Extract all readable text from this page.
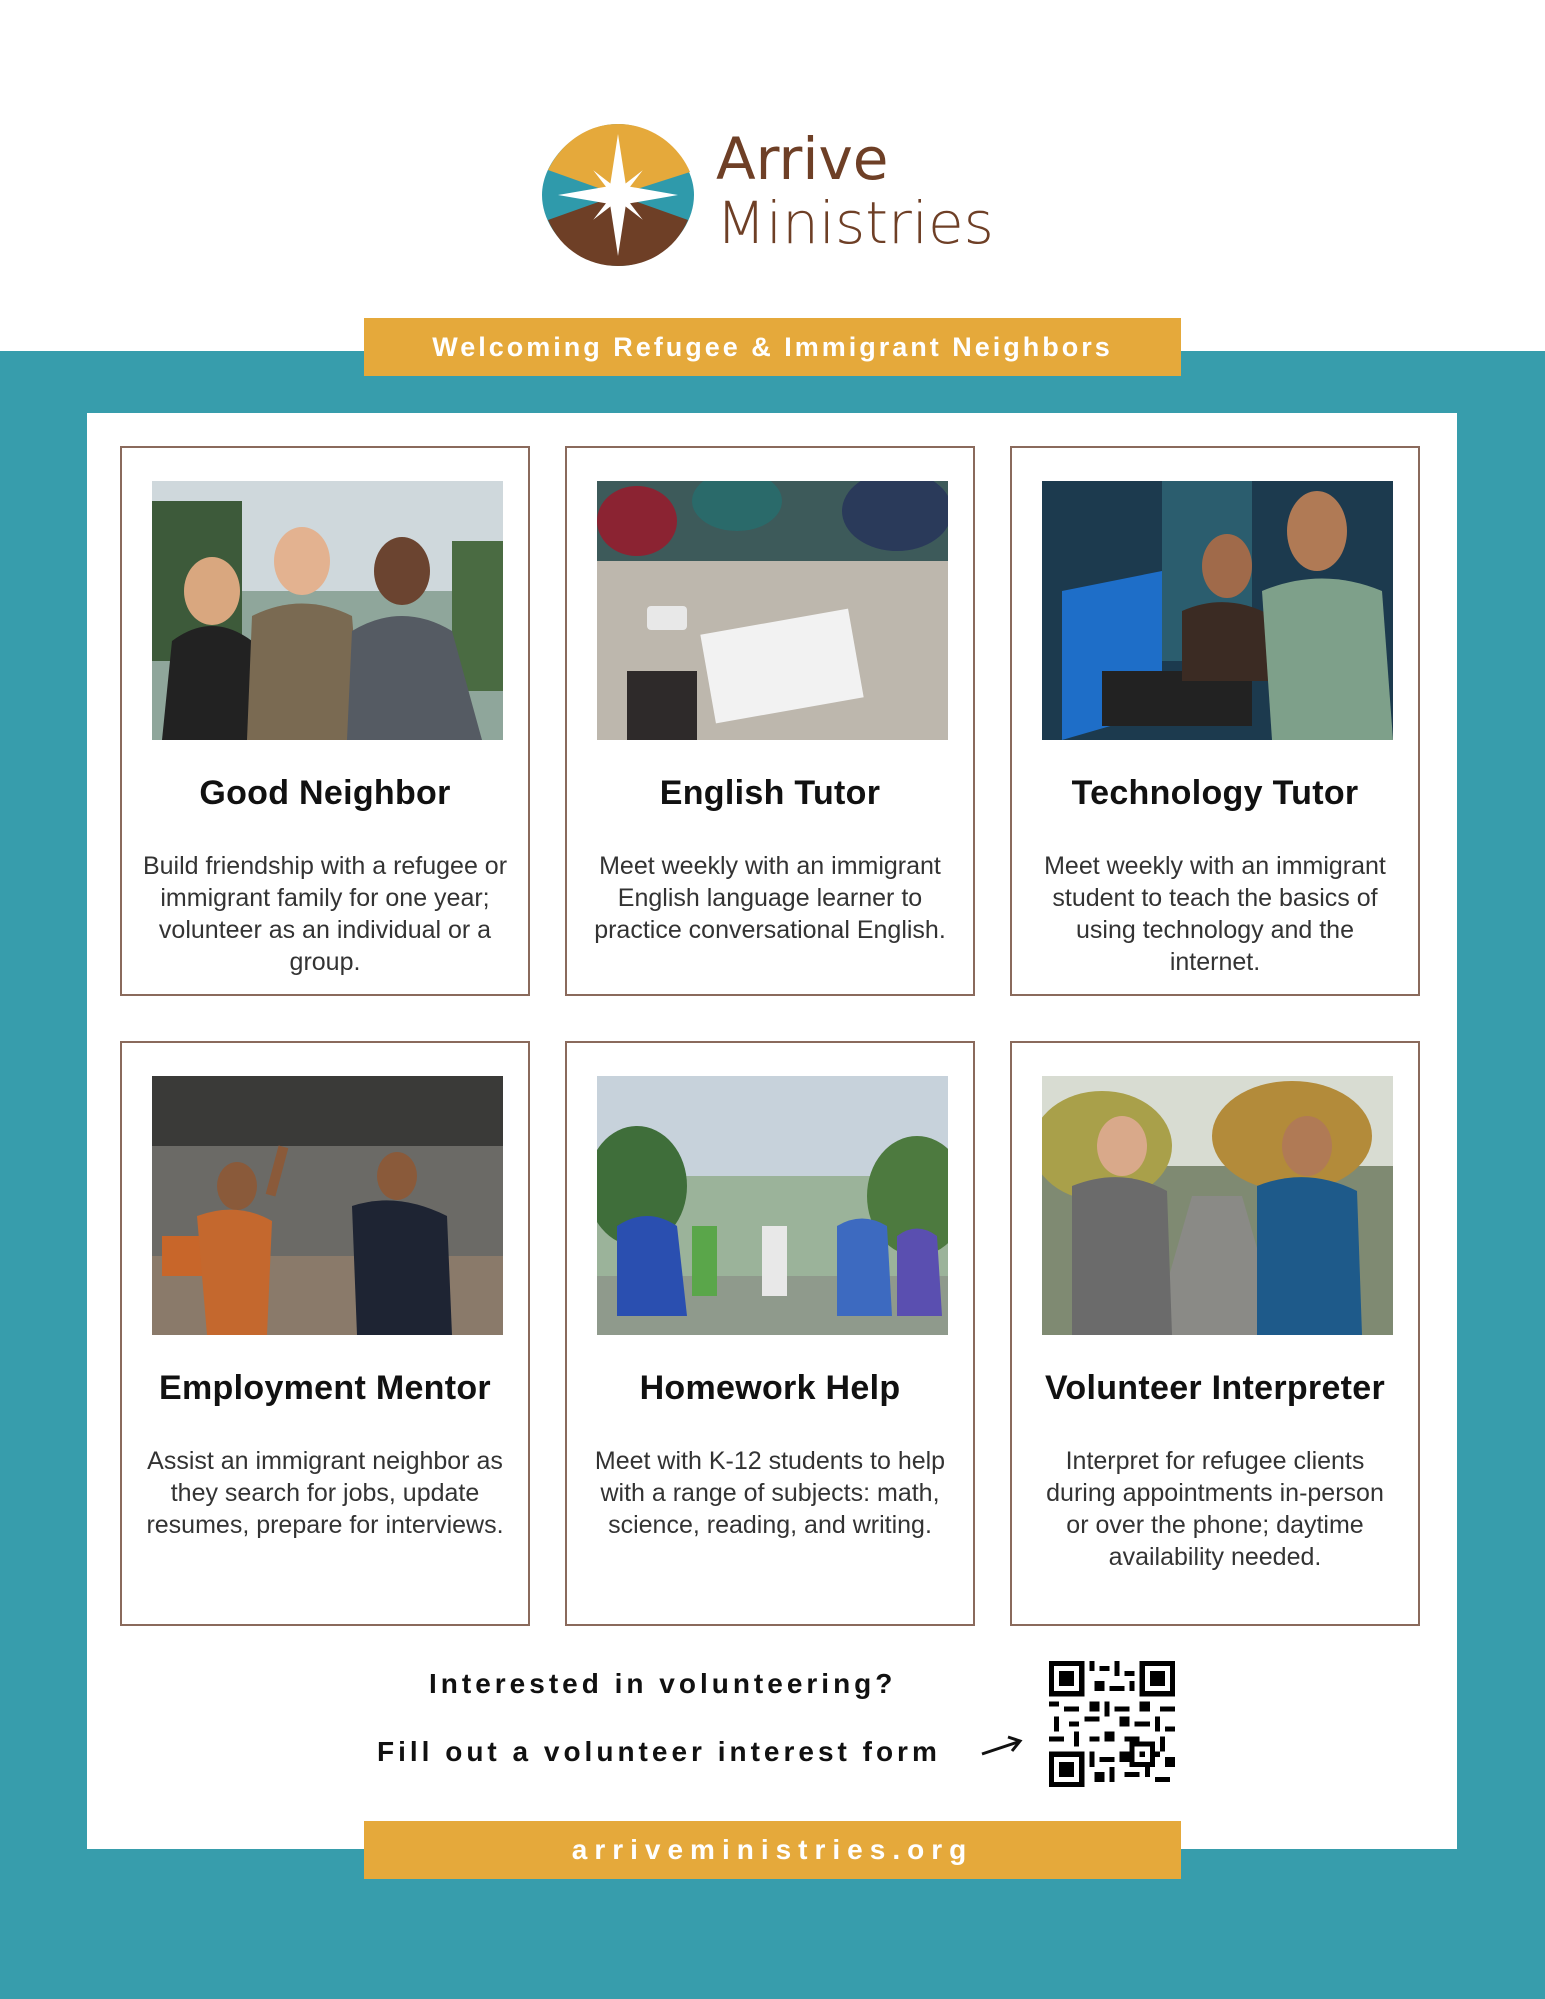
Arrive
Ministries
Welcoming Refugee & Immigrant Neighbors
Good Neighbor
Build friendship with a refugee or immigrant family for one year; volunteer as an individual or a group.
English Tutor
Meet weekly with an immigrant English language learner to practice conversational English.
Technology Tutor
Meet weekly with an immigrant student to teach the basics of using technology and the internet.
Employment Mentor
Assist an immigrant neighbor as they search for jobs, update resumes, prepare for interviews.
Homework Help
Meet with K-12 students to help with a range of subjects: math, science, reading, and writing.
Volunteer Interpreter
Interpret for refugee clients during appointments in-person or over the phone; daytime availability needed.
Interested in volunteering?
Fill out a volunteer interest form
arriveministries.org
